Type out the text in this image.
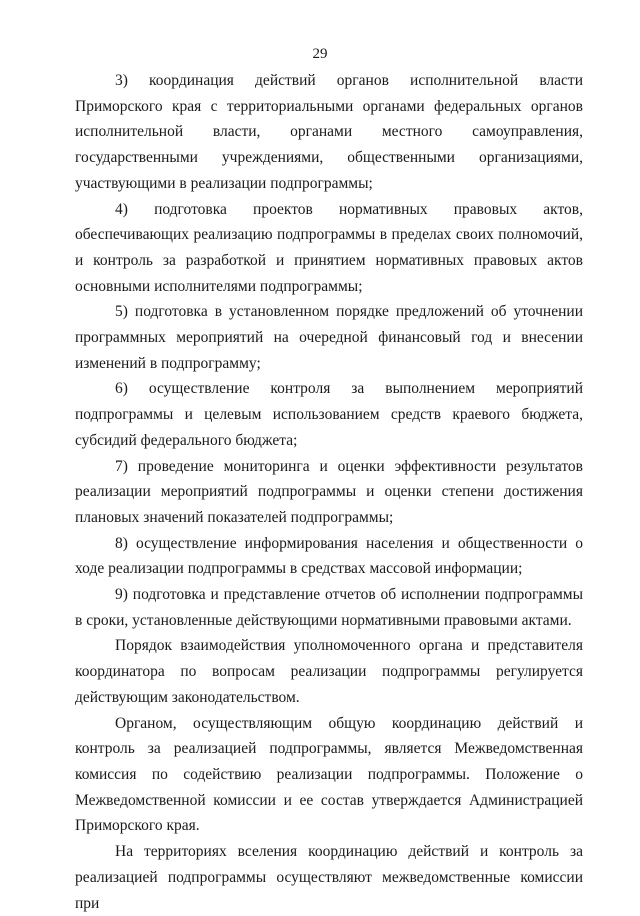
29

3) координация действий органов исполнительной власти Приморского края с территориальными органами федеральных органов исполнительной власти, органами местного самоуправления, государственными учреждениями, общественными организациями, участвующими в реализации подпрограммы;

4) подготовка проектов нормативных правовых актов, обеспечивающих реализацию подпрограммы в пределах своих полномочий, и контроль за разработкой и принятием нормативных правовых актов основными исполнителями подпрограммы;

5) подготовка в установленном порядке предложений об уточнении программных мероприятий на очередной финансовый год и внесении изменений в подпрограмму;

6) осуществление контроля за выполнением мероприятий подпрограммы и целевым использованием средств краевого бюджета, субсидий федерального бюджета;

7) проведение мониторинга и оценки эффективности результатов реализации мероприятий подпрограммы и оценки степени достижения плановых значений показателей подпрограммы;

8) осуществление информирования населения и общественности о ходе реализации подпрограммы в средствах массовой информации;

9) подготовка и представление отчетов об исполнении подпрограммы в сроки, установленные действующими нормативными правовыми актами.

Порядок взаимодействия уполномоченного органа и представителя координатора по вопросам реализации подпрограммы регулируется действующим законодательством.

Органом, осуществляющим общую координацию действий и контроль за реализацией подпрограммы, является Межведомственная комиссия по содействию реализации подпрограммы. Положение о Межведомственной комиссии и ее состав утверждается Администрацией Приморского края.

На территориях вселения координацию действий и контроль за реализацией подпрограммы осуществляют межведомственные комиссии при
